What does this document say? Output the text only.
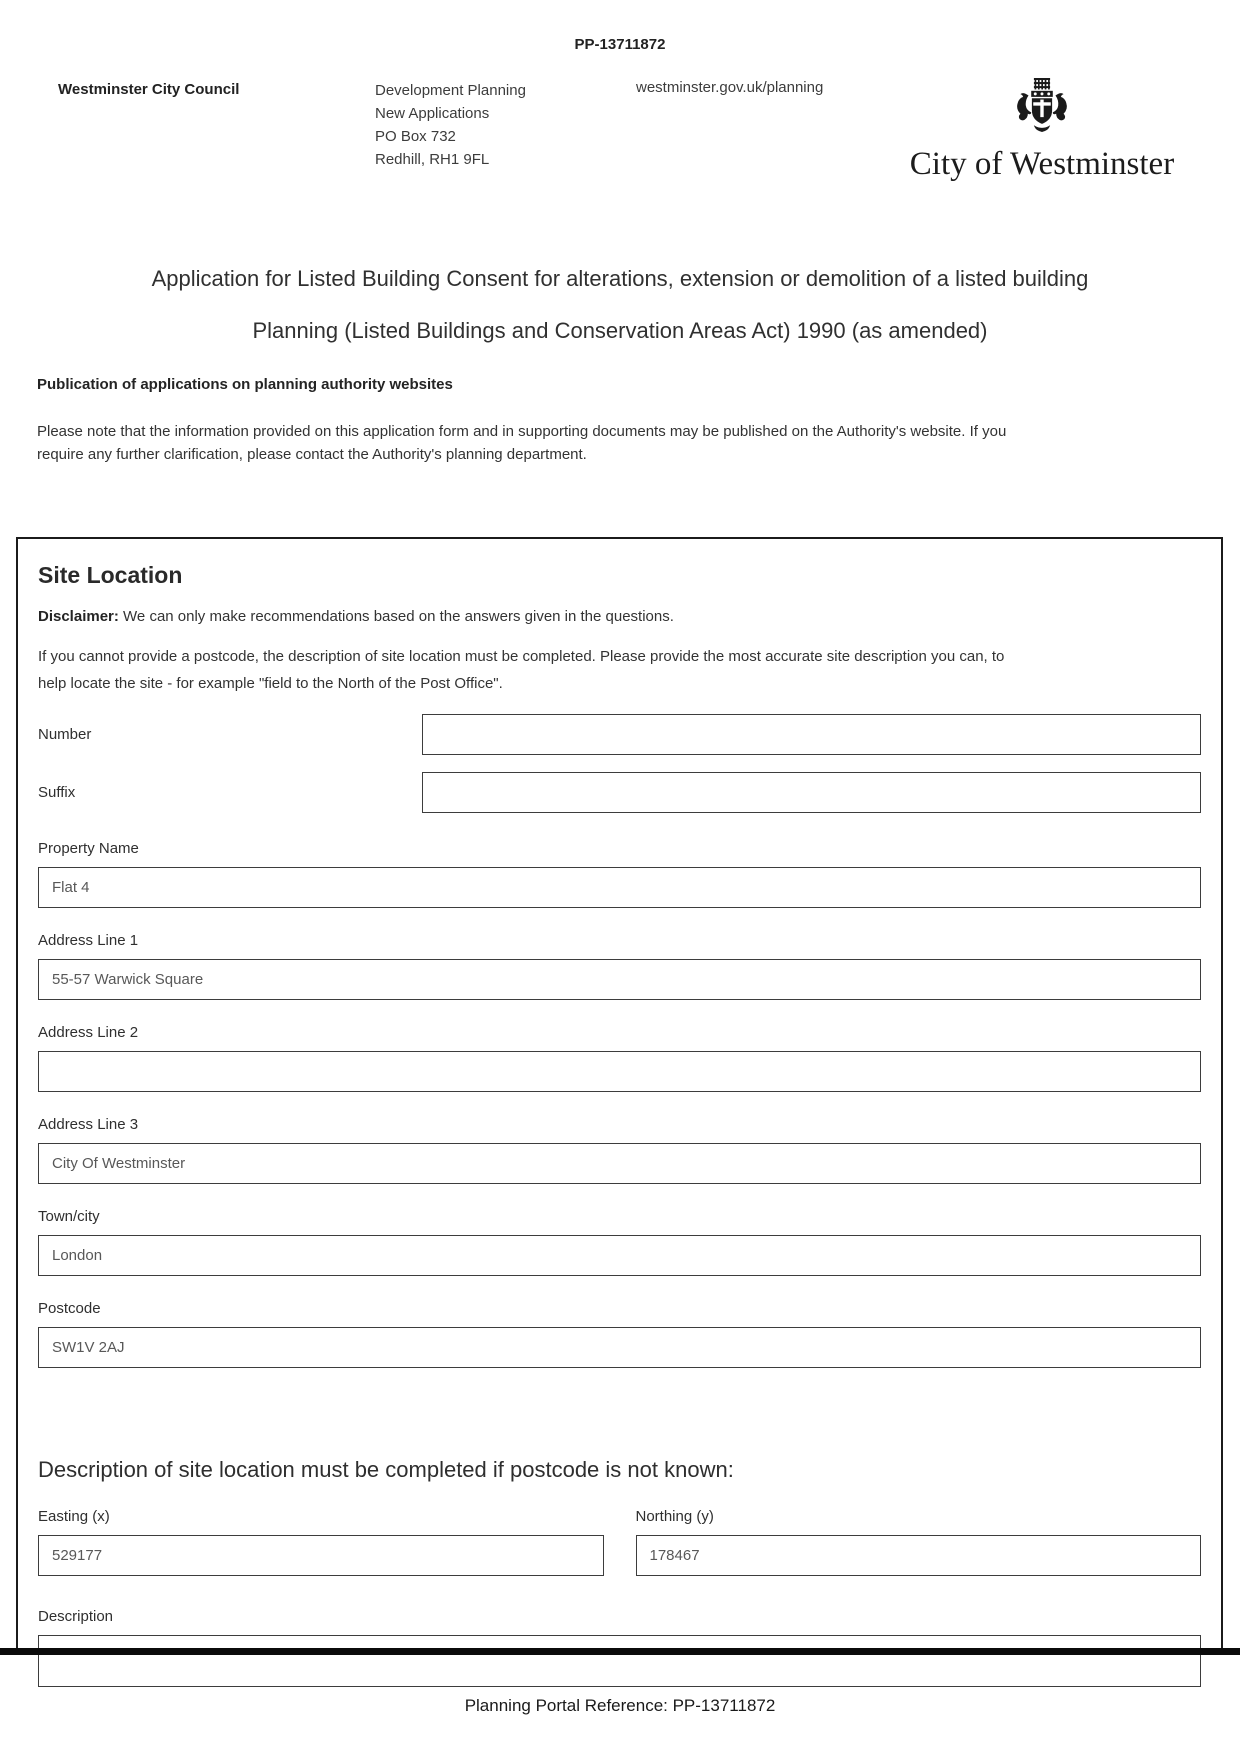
PP-13711872
Westminster City Council	Development Planning
New Applications
PO Box 732
Redhill, RH1 9FL
westminster.gov.uk/planning
City of Westminster
Application for Listed Building Consent for alterations, extension or demolition of a listed building
Planning (Listed Buildings and Conservation Areas Act) 1990 (as amended)
Publication of applications on planning authority websites
Please note that the information provided on this application form and in supporting documents may be published on the Authority's website. If you
require any further clarification, please contact the Authority's planning department.
Site Location
Disclaimer: We can only make recommendations based on the answers given in the questions.
If you cannot provide a postcode, the description of site location must be completed. Please provide the most accurate site description you can, to
help locate the site - for example "field to the North of the Post Office".
Number
Suffix
Property Name
Flat 4
Address Line 1
55-57 Warwick Square
Address Line 2
Address Line 3
City Of Westminster
Town/city
London
Postcode
SW1V 2AJ
Description of site location must be completed if postcode is not known:
Easting (x)
529177	Northing (y)
178467
Description
Planning Portal Reference: PP-13711872
